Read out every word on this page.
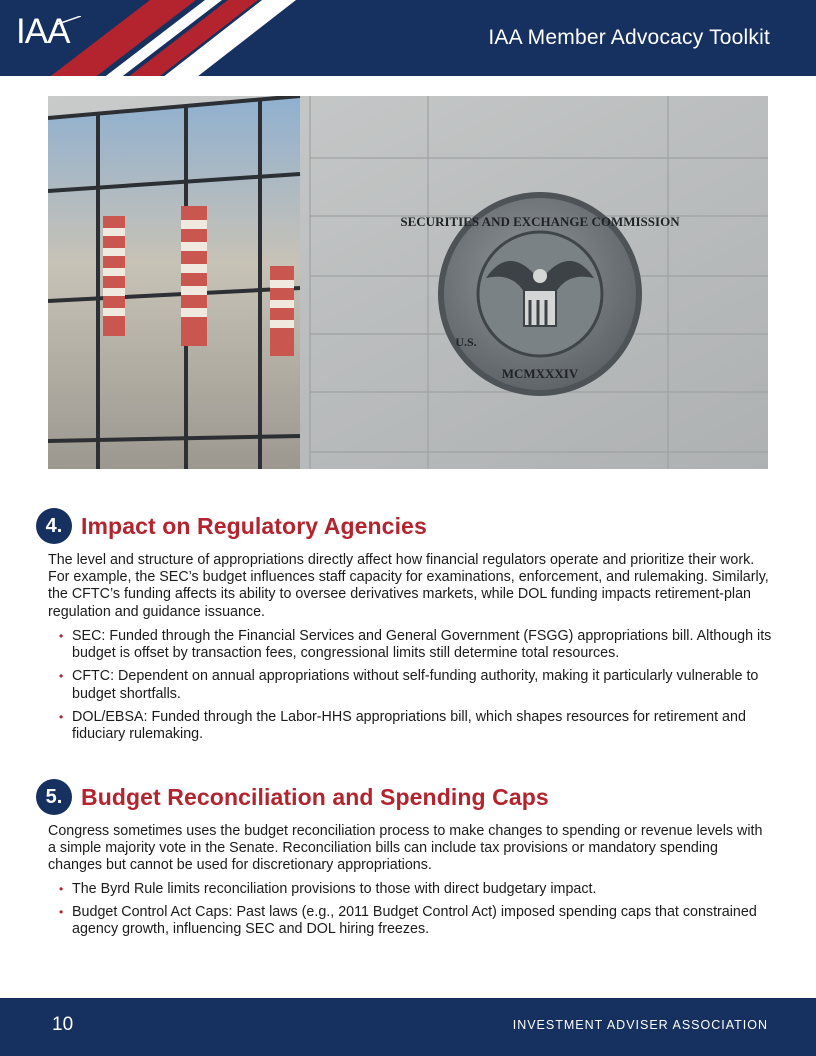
IAA	IAA Member Advocacy Toolkit
SECURITIES AND EXCHANGE COMMISSION
U.S.
MCMXXXIV
4. Impact on Regulatory Agencies
The level and structure of appropriations directly affect how financial regulators operate and prioritize their work. For example, the SEC’s budget influences staff capacity for examinations, enforcement, and rulemaking. Similarly, the CFTC’s funding affects its ability to oversee derivatives markets, while DOL funding impacts retirement-plan regulation and guidance issuance.
• SEC: Funded through the Financial Services and General Government (FSGG) appropriations bill. Although its budget is offset by transaction fees, congressional limits still determine total resources.
• CFTC: Dependent on annual appropriations without self-funding authority, making it particularly vulnerable to budget shortfalls.
• DOL/EBSA: Funded through the Labor-HHS appropriations bill, which shapes resources for retirement and fiduciary rulemaking.
5. Budget Reconciliation and Spending Caps
Congress sometimes uses the budget reconciliation process to make changes to spending or revenue levels with a simple majority vote in the Senate. Reconciliation bills can include tax provisions or mandatory spending changes but cannot be used for discretionary appropriations.
• The Byrd Rule limits reconciliation provisions to those with direct budgetary impact.
• Budget Control Act Caps: Past laws (e.g., 2011 Budget Control Act) imposed spending caps that constrained agency growth, influencing SEC and DOL hiring freezes.
10	INVESTMENT ADVISER ASSOCIATION
